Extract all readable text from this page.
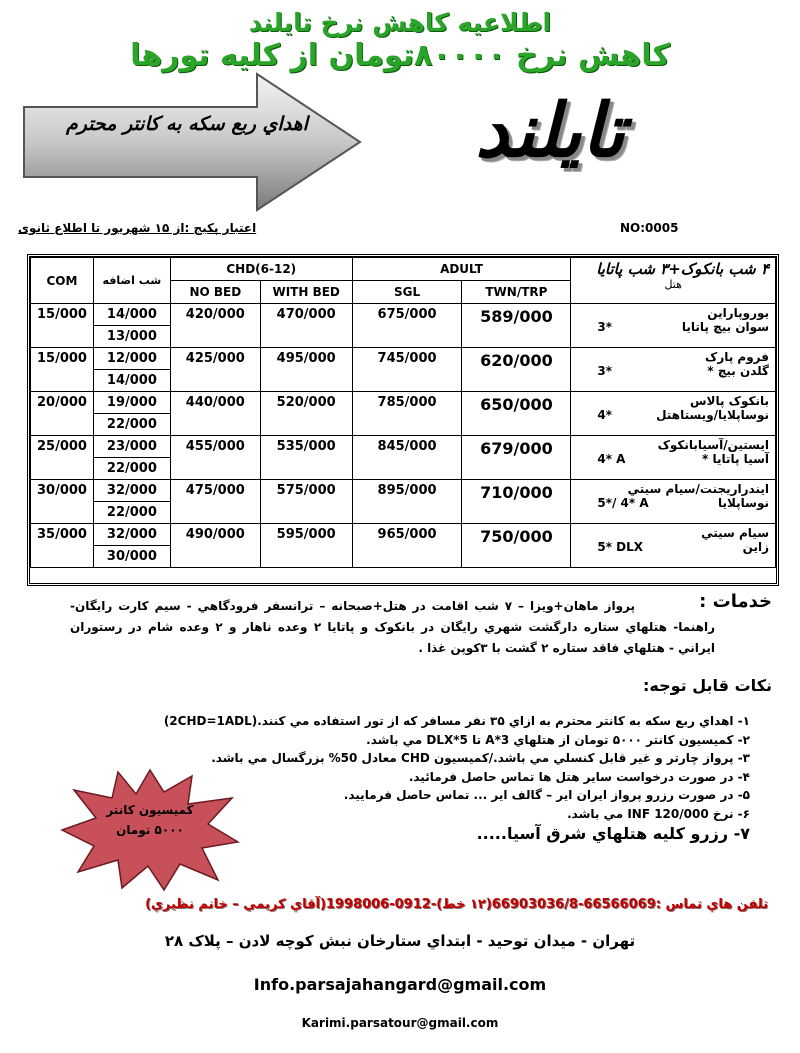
اطلاعیه کاهش نرخ تایلند
کاهش نرخ ۸۰۰۰۰تومان از کلیه تورها
اهداي ربع سکه به کانتر محترم	تایلند
اعتبار پکیج :از ۱۵ شهریور تا اطلاع ثانوی	NO:0005
COM	شب اضافه	CHD(6-12)		ADULT		۴ شب بانکوک+۳ شب پاتایا
هتل

		NO BED	WITH BED	SGL	TWN/TRP	
15/000	14/000	420/000	470/000	675/000	589/000	يوروپاراين
سوان بیچ پاتایا
3*

	13/000					
15/000	12/000	425/000	495/000	745/000	620/000	فروم پارک
گلدن بیچ *
3*

	14/000					
20/000	19/000	440/000	520/000	785/000	650/000	بانکوک پالاس
نوساپلایا/ویستاهتل
4*

	22/000					
25/000	23/000	455/000	535/000	845/000	679/000	ایستین/آسیابانکوک
آسیا پاتایا *
4* A

	22/000					
30/000	32/000	475/000	575/000	895/000	710/000	ایندراریجنت/سیام سیتي
نوساپلایا
5*/ 4* A

	22/000					
35/000	32/000	490/000	595/000	965/000	750/000	سیام سیتي
زاین
5* DLX

	30/000					
خدمات :
پرواز ماهان+ویزا – ۷ شب اقامت در هتل+صبحانه – ترانسفر فرودگاهي - سیم کارت رایگان- راهنما- هتلهاي ستاره دارگشت شهري رایگان در بانکوک و پاتایا ۲ وعده ناهار و ۲ وعده شام در رستوران ایراني - هتلهاي فاقد ستاره ۲ گشت با ۳کوپن غذا .
نکات قابل توجه:
۱- اهداي ربع سکه به کانتر محترم به ازاي ۳۵ نفر مسافر که از تور استفاده مي كنند.(2CHD=1ADL)
۲- کمیسیون کانتر ۵۰۰۰ تومان از هتلهاي 3*A تا 5*DLX مي باشد.
۳- پرواز چارتر و غیر قابل کنسلي مي باشد./کمیسیون CHD معادل 50% بزرگسال مي باشد.
۴- در صورت درخواست سایر هتل ها تماس حاصل فرمائید.
۵- در صورت رزرو پرواز ایران ایر – گالف ایر ... تماس حاصل فرمایید.
۶- نرخ INF 120/000 مي باشد.
۷- رزرو کلیه هتلهاي شرق آسیا.....
کمیسیون کانتر
۵۰۰۰ تومان
تلفن هاي تماس :66566069-66903036/8(۱۲ خط)-0912-1998006(آقاي كريمي – خانم نظیري)
تهران - میدان توحید - ابتداي ستارخان نبش کوچه لادن – پلاک ۲۸
Info.parsajahangard@gmail.com
Karimi.parsatour@gmail.com
